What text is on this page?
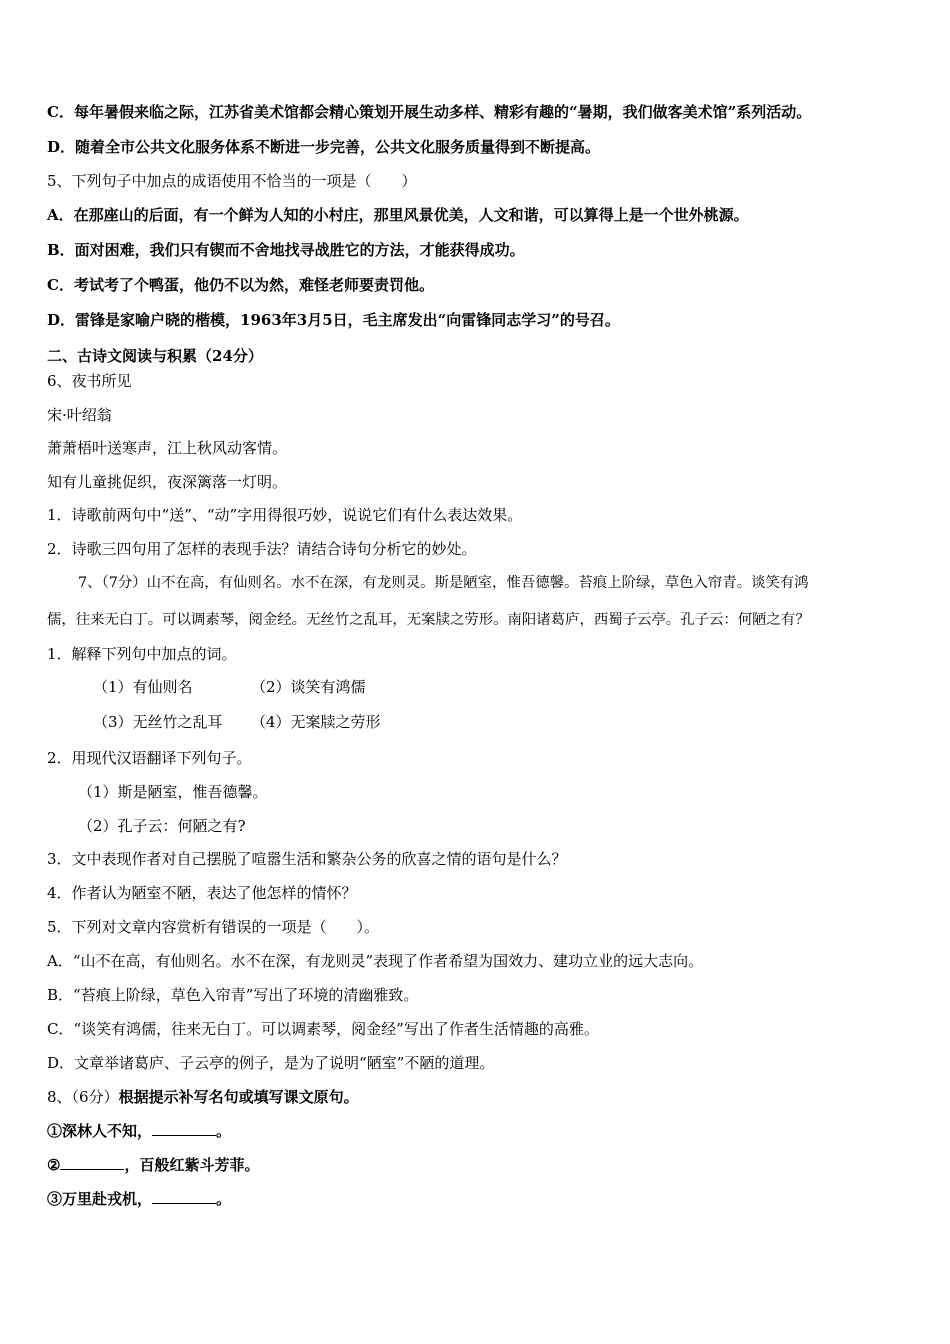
C．每年暑假来临之际，江苏省美术馆都会精心策划开展生动多样、精彩有趣的“暑期，我们做客美术馆”系列活动。
D．随着全市公共文化服务体系不断进一步完善，公共文化服务质量得到不断提高。
5、下列句子中加点的成语使用不恰当的一项是（　　）
A．在那座山的后面，有一个鲜为人知的小村庄，那里风景优美，人文和谐，可以算得上是一个世外桃源。
B．面对困难，我们只有锲而不舍地找寻战胜它的方法，才能获得成功。
C．考试考了个鸭蛋，他仍不以为然，难怪老师要责罚他。
D．雷锋是家喻户晓的楷模，1963年3月5日，毛主席发出“向雷锋同志学习”的号召。
二、古诗文阅读与积累（24分）
6、夜书所见
宋·叶绍翁
萧萧梧叶送寒声，江上秋风动客情。
知有儿童挑促织，夜深篱落一灯明。
1．诗歌前两句中“送”、“动”字用得很巧妙，说说它们有什么表达效果。
2．诗歌三四句用了怎样的表现手法？请结合诗句分析它的妙处。
7、（7分）山不在高，有仙则名。水不在深，有龙则灵。斯是陋室，惟吾德馨。苔痕上阶绿，草色入帘青。谈笑有鸿
儒，往来无白丁。可以调素琴，阅金经。无丝竹之乱耳，无案牍之劳形。南阳诸葛庐，西蜀子云亭。孔子云：何陋之有？
1．解释下列句中加点的词。
（1）有仙则名	（2）谈笑有鸿儒
（3）无丝竹之乱耳 （4）无案牍之劳形
2．用现代汉语翻译下列句子。
（1）斯是陋室，惟吾德馨。
（2）孔子云：何陋之有?
3．文中表现作者对自己摆脱了喧嚣生活和繁杂公务的欣喜之情的语句是什么？
4．作者认为陋室不陋，表达了他怎样的情怀？
5．下列对文章内容赏析有错误的一项是（　　）。
A．“山不在高，有仙则名。水不在深，有龙则灵”表现了作者希望为国效力、建功立业的远大志向。
B．“苔痕上阶绿，草色入帘青”写出了环境的清幽雅致。
C．“谈笑有鸿儒，往来无白丁。可以调素琴，阅金经”写出了作者生活情趣的高雅。
D．文章举诸葛庐、子云亭的例子，是为了说明“陋室”不陋的道理。
8、（6分）根据提示补写名句或填写课文原句。
①深林人不知，	。
②	，百般红紫斗芳菲。
③万里赴戎机，	。
